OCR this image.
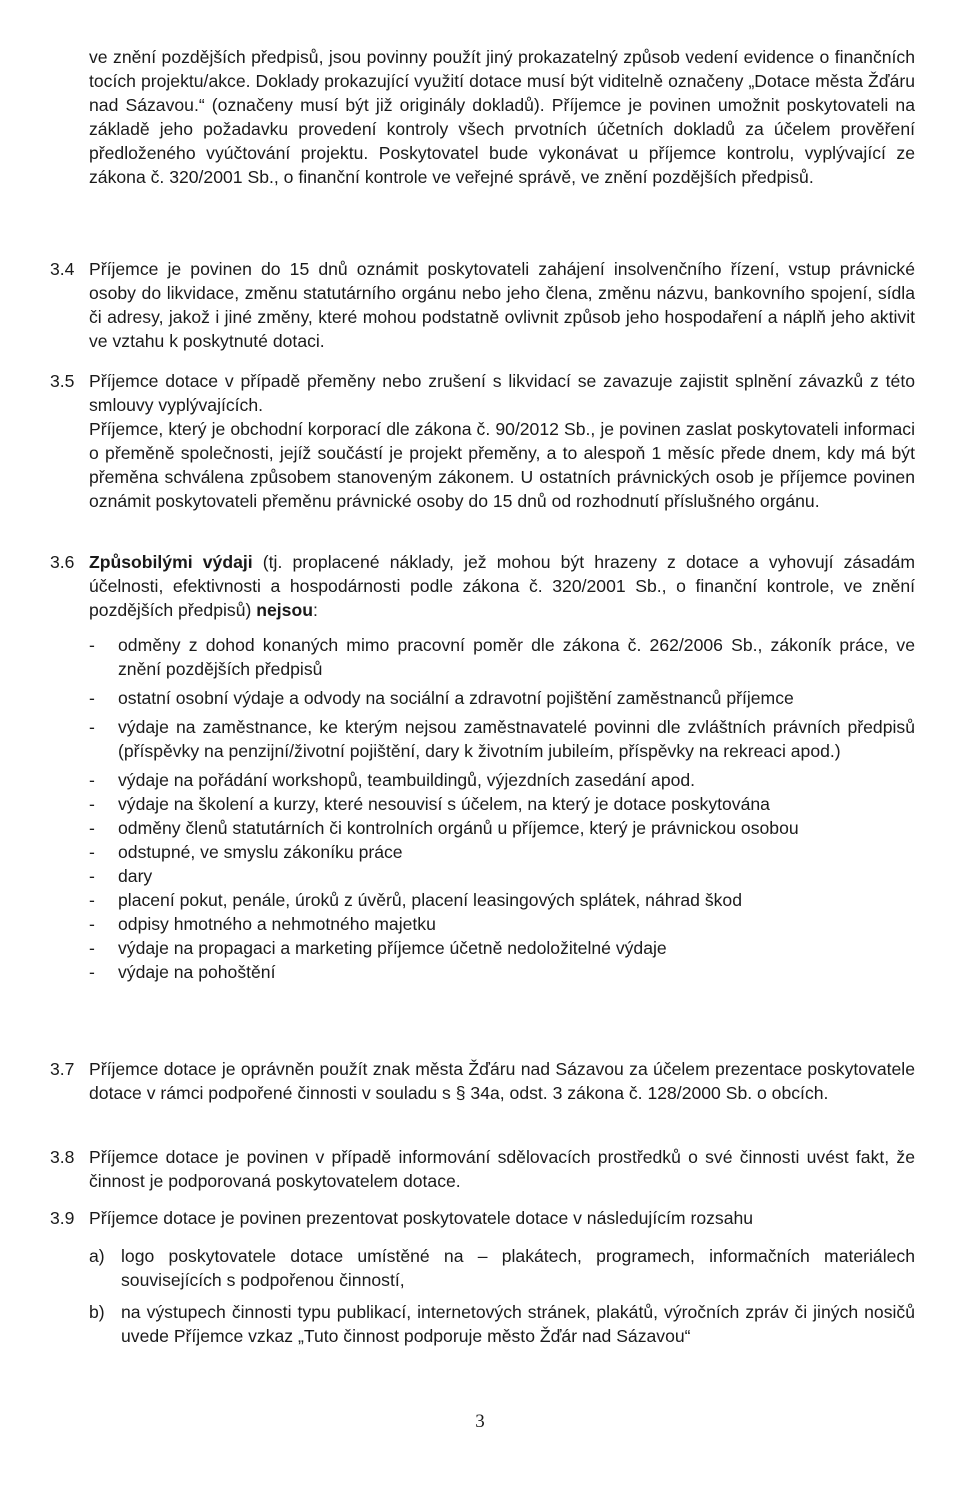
ve znění pozdějších předpisů, jsou povinny použít jiný prokazatelný způsob vedení evidence o finančních tocích projektu/akce. Doklady prokazující využití dotace musí být viditelně označeny „Dotace města Žďáru nad Sázavou.“ (označeny musí být již originály dokladů). Příjemce je povinen umožnit poskytovateli na základě jeho požadavku provedení kontroly všech prvotních účetních dokladů za účelem prověření předloženého vyúčtování projektu. Poskytovatel bude vykonávat u příjemce kontrolu, vyplývající ze zákona č. 320/2001 Sb., o finanční kontrole ve veřejné správě, ve znění pozdějších předpisů.

3.4 Příjemce je povinen do 15 dnů oznámit poskytovateli zahájení insolvenčního řízení, vstup právnické osoby do likvidace, změnu statutárního orgánu nebo jeho člena, změnu názvu, bankovního spojení, sídla či adresy, jakož i jiné změny, které mohou podstatně ovlivnit způsob jeho hospodaření a náplň jeho aktivit ve vztahu k poskytnuté dotaci.

3.5 Příjemce dotace v případě přeměny nebo zrušení s likvidací se zavazuje zajistit splnění závazků z této smlouvy vyplývajících.

Příjemce, který je obchodní korporací dle zákona č. 90/2012 Sb., je povinen zaslat poskytovateli informaci o přeměně společnosti, jejíž součástí je projekt přeměny, a to alespoň 1 měsíc přede dnem, kdy má být přeměna schválena způsobem stanoveným zákonem. U ostatních právnických osob je příjemce povinen oznámit poskytovateli přeměnu právnické osoby do 15 dnů od rozhodnutí příslušného orgánu.

3.6 Způsobilými výdaji (tj. proplacené náklady, jež mohou být hrazeny z dotace a vyhovují zásadám účelnosti, efektivnosti a hospodárnosti podle zákona č. 320/2001 Sb., o finanční kontrole, ve znění pozdějších předpisů) nejsou:

- odměny z dohod konaných mimo pracovní poměr dle zákona č. 262/2006 Sb., zákoník práce, ve znění pozdějších předpisů
- ostatní osobní výdaje a odvody na sociální a zdravotní pojištění zaměstnanců příjemce
- výdaje na zaměstnance, ke kterým nejsou zaměstnavatelé povinni dle zvláštních právních předpisů (příspěvky na penzijní/životní pojištění, dary k životním jubileím, příspěvky na rekreaci apod.)
- výdaje na pořádání workshopů, teambuildingů, výjezdních zasedání apod.
- výdaje na školení a kurzy, které nesouvisí s účelem, na který je dotace poskytována
- odměny členů statutárních či kontrolních orgánů u příjemce, který je právnickou osobou
- odstupné, ve smyslu zákoníku práce
- dary
- placení pokut, penále, úroků z úvěrů, placení leasingových splátek, náhrad škod
- odpisy hmotného a nehmotného majetku
- výdaje na propagaci a marketing příjemce účetně nedoložitelné výdaje
- výdaje na pohoštění
3.7 Příjemce dotace je oprávněn použít znak města Žďáru nad Sázavou za účelem prezentace poskytovatele dotace v rámci podpořené činnosti v souladu s § 34a, odst. 3 zákona č. 128/2000 Sb. o obcích.

3.8 Příjemce dotace je povinen v případě informování sdělovacích prostředků o své činnosti uvést fakt, že činnost je podporovaná poskytovatelem dotace.

3.9 Příjemce dotace je povinen prezentovat poskytovatele dotace v následujícím rozsahu

a) logo poskytovatele dotace umístěné na – plakátech, programech, informačních materiálech souvisejících s podpořenou činností,
b) na výstupech činnosti typu publikací, internetových stránek, plakátů, výročních zpráv či jiných nosičů uvede Příjemce vzkaz „Tuto činnost podporuje město Žďár nad Sázavou“
3
